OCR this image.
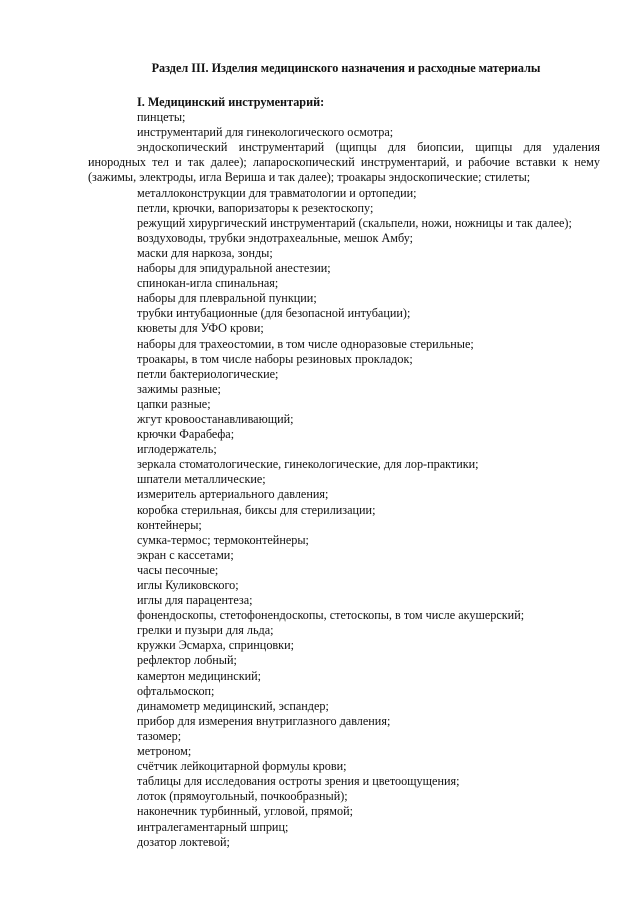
Раздел III. Изделия медицинского назначения и расходные материалы
I. Медицинский инструментарий:
пинцеты;
инструментарий для гинекологического осмотра;
эндоскопический инструментарий (щипцы для биопсии, щипцы для удаления инородных тел и так далее); лапароскопический инструментарий, и рабочие вставки к нему (зажимы, электроды, игла Вериша и так далее); троакары эндоскопические; стилеты;
металлоконструкции для травматологии и ортопедии;
петли, крючки, вапоризаторы к резектоскопу;
режущий хирургический инструментарий (скальпели, ножи, ножницы и так далее);
воздуховоды, трубки эндотрахеальные, мешок Амбу;
маски для наркоза, зонды;
наборы для эпидуральной анестезии;
спинокан-игла спинальная;
наборы для плевральной пункции;
трубки интубационные (для безопасной интубации);
кюветы для УФО крови;
наборы для трахеостомии, в том числе одноразовые стерильные;
троакары, в том числе наборы резиновых прокладок;
петли бактериологические;
зажимы разные;
цапки разные;
жгут кровоостанавливающий;
крючки Фарабефа;
иглодержатель;
зеркала стоматологические, гинекологические, для лор-практики;
шпатели металлические;
измеритель артериального давления;
коробка стерильная, биксы для стерилизации;
контейнеры;
сумка-термос; термоконтейнеры;
экран с кассетами;
часы песочные;
иглы Куликовского;
иглы для парацентеза;
фонендоскопы, стетофонендоскопы, стетоскопы, в том числе акушерский;
грелки и пузыри для льда;
кружки Эсмарха, спринцовки;
рефлектор лобный;
камертон медицинский;
офтальмоскоп;
динамометр медицинский, эспандер;
прибор для измерения внутриглазного давления;
тазомер;
метроном;
счётчик лейкоцитарной формулы крови;
таблицы для исследования остроты зрения и цветоощущения;
лоток (прямоугольный, почкообразный);
наконечник турбинный, угловой, прямой;
интралегаментарный шприц;
дозатор локтевой;
